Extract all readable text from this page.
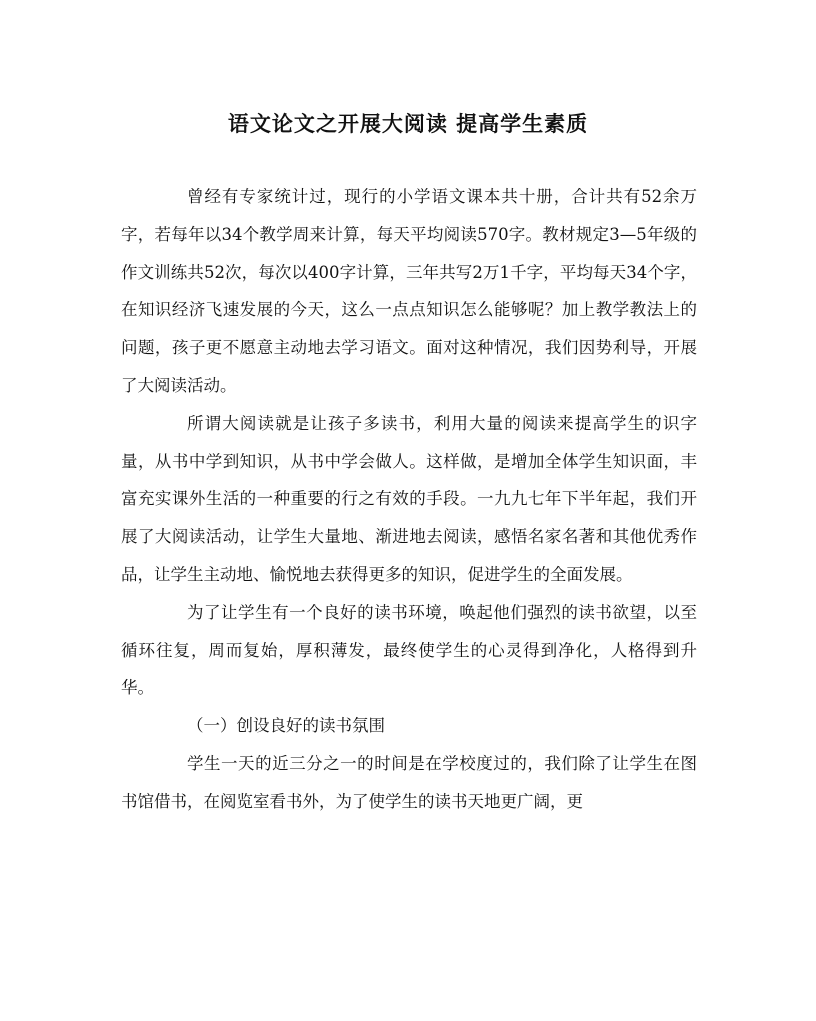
语文论文之开展大阅读 提高学生素质

曾经有专家统计过，现行的小学语文课本共十册，合计共有52余万字，若每年以34个教学周来计算，每天平均阅读570字。教材规定3—5年级的作文训练共52次，每次以400字计算，三年共写2万1千字，平均每天34个字，在知识经济飞速发展的今天，这么一点点知识怎么能够呢？加上教学教法上的问题，孩子更不愿意主动地去学习语文。面对这种情况，我们因势利导，开展了大阅读活动。

所谓大阅读就是让孩子多读书，利用大量的阅读来提高学生的识字量，从书中学到知识，从书中学会做人。这样做，是增加全体学生知识面，丰富充实课外生活的一种重要的行之有效的手段。一九九七年下半年起，我们开展了大阅读活动，让学生大量地、渐进地去阅读，感悟名家名著和其他优秀作品，让学生主动地、愉悦地去获得更多的知识，促进学生的全面发展。

为了让学生有一个良好的读书环境，唤起他们强烈的读书欲望，以至循环往复，周而复始，厚积薄发，最终使学生的心灵得到净化，人格得到升华。

（一）创设良好的读书氛围

学生一天的近三分之一的时间是在学校度过的，我们除了让学生在图书馆借书，在阅览室看书外，为了使学生的读书天地更广阔，更
